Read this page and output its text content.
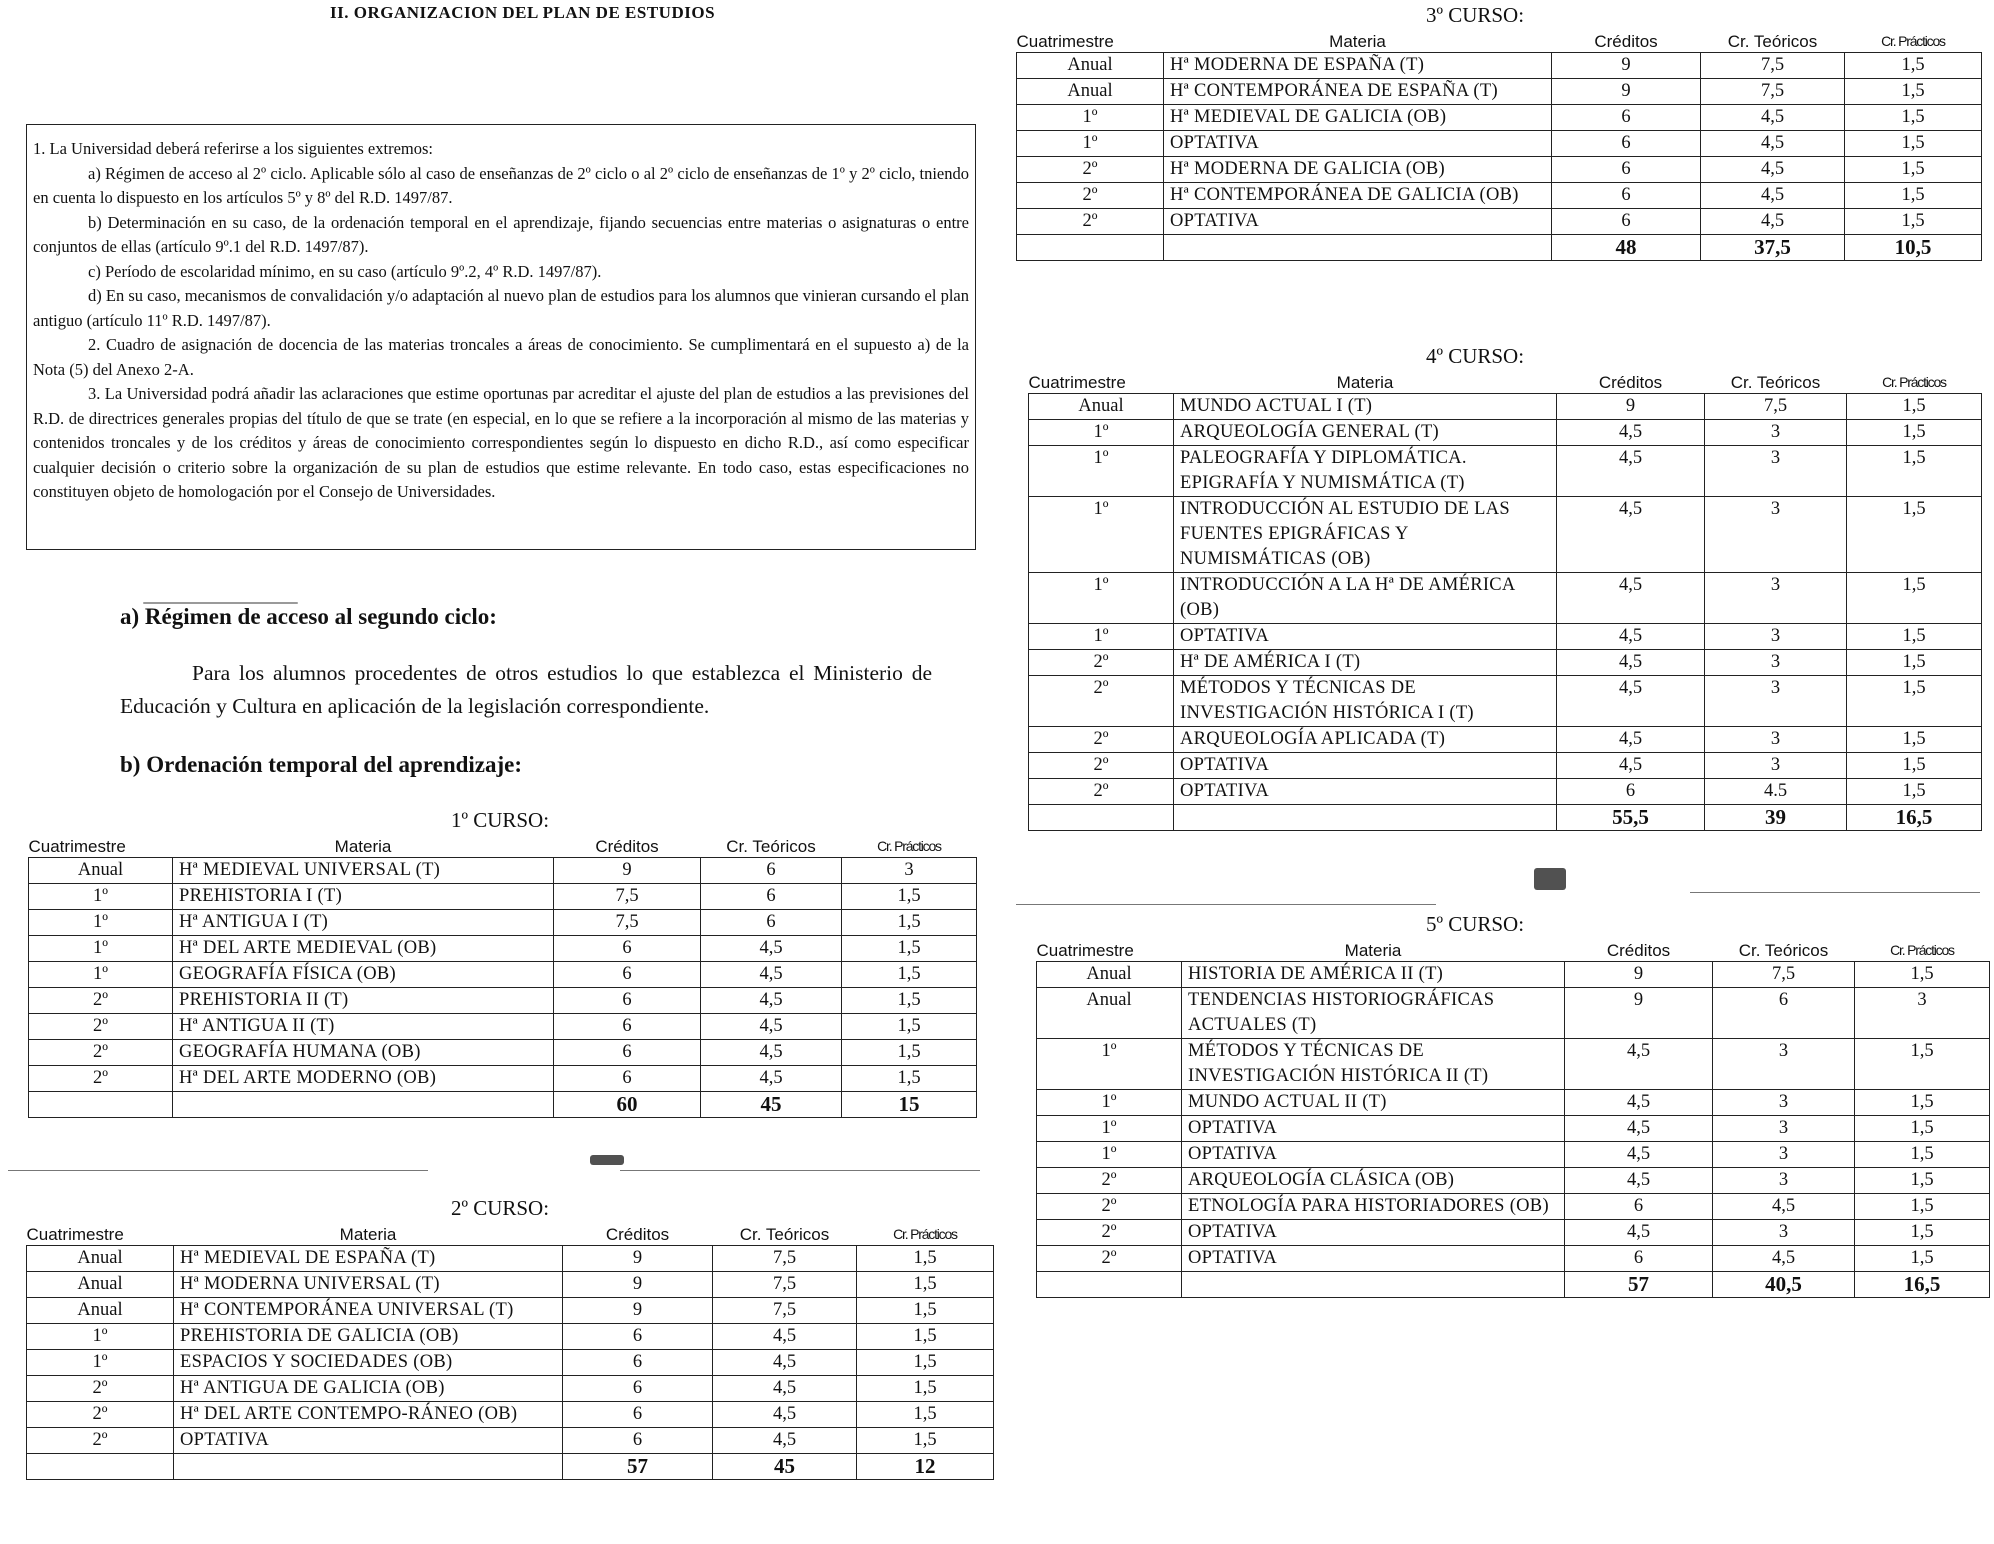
II. ORGANIZACION DEL PLAN DE ESTUDIOS

1. La Universidad deberá referirse a los siguientes extremos:

a) Régimen de acceso al 2º ciclo. Aplicable sólo al caso de enseñanzas de 2º ciclo o al 2º ciclo de enseñanzas de 1º y 2º ciclo, tniendo en cuenta lo dispuesto en los artículos 5º y 8º del R.D. 1497/87.

b) Determinación en su caso, de la ordenación temporal en el aprendizaje, fijando secuencias entre materias o asignaturas o entre conjuntos de ellas (artículo 9º.1 del R.D. 1497/87).

c) Período de escolaridad mínimo, en su caso (artículo 9º.2, 4º R.D. 1497/87).

d) En su caso, mecanismos de convalidación y/o adaptación al nuevo plan de estudios para los alumnos que vinieran cursando el plan antiguo (artículo 11º R.D. 1497/87).

2. Cuadro de asignación de docencia de las materias troncales a áreas de conocimiento. Se cumplimentará en el supuesto a) de la Nota (5) del Anexo 2-A.

3. La Universidad podrá añadir las aclaraciones que estime oportunas par acreditar el ajuste del plan de estudios a las previsiones del R.D. de directrices generales propias del título de que se trate (en especial, en lo que se refiere a la incorporación al mismo de las materias y contenidos troncales y de los créditos y áreas de conocimiento correspondientes según lo dispuesto en dicho R.D., así como especificar cualquier decisión o criterio sobre la organización de su plan de estudios que estime relevante. En todo caso, estas especificaciones no constituyen objeto de homologación por el Consejo de Universidades.

a) Régimen de acceso al segundo ciclo:
Para los alumnos procedentes de otros estudios lo que establezca el Ministerio de Educación y Cultura en aplicación de la legislación correspondiente.
b) Ordenación temporal del aprendizaje:
1º CURSO:
2º CURSO:
3º CURSO:
4º CURSO:
5º CURSO:
Cuatrimestre	Materia	Créditos	Cr. Teóricos	Cr. Prácticos
Anual	Hª MEDIEVAL UNIVERSAL (T)	9	6	3
1º	PREHISTORIA I (T)	7,5	6	1,5
1º	Hª ANTIGUA I (T)	7,5	6	1,5
1º	Hª DEL ARTE MEDIEVAL (OB)	6	4,5	1,5
1º	GEOGRAFÍA FÍSICA (OB)	6	4,5	1,5
2º	PREHISTORIA II (T)	6	4,5	1,5
2º	Hª ANTIGUA II (T)	6	4,5	1,5
2º	GEOGRAFÍA HUMANA (OB)	6	4,5	1,5
2º	Hª DEL ARTE MODERNO (OB)	6	4,5	1,5
		60	45	15
Cuatrimestre	Materia	Créditos	Cr. Teóricos	Cr. Prácticos
Anual	Hª MEDIEVAL DE ESPAÑA (T)	9	7,5	1,5
Anual	Hª MODERNA UNIVERSAL (T)	9	7,5	1,5
Anual	Hª CONTEMPORÁNEA UNIVERSAL (T)	9	7,5	1,5
1º	PREHISTORIA DE GALICIA (OB)	6	4,5	1,5
1º	ESPACIOS Y SOCIEDADES (OB)	6	4,5	1,5
2º	Hª ANTIGUA DE GALICIA (OB)	6	4,5	1,5
2º	Hª DEL ARTE CONTEMPO-RÁNEO (OB)	6	4,5	1,5
2º	OPTATIVA	6	4,5	1,5
		57	45	12
Cuatrimestre	Materia	Créditos	Cr. Teóricos	Cr. Prácticos
Anual	Hª MODERNA DE ESPAÑA (T)	9	7,5	1,5
Anual	Hª CONTEMPORÁNEA DE ESPAÑA (T)	9	7,5	1,5
1º	Hª MEDIEVAL DE GALICIA (OB)	6	4,5	1,5
1º	OPTATIVA	6	4,5	1,5
2º	Hª MODERNA DE GALICIA (OB)	6	4,5	1,5
2º	Hª CONTEMPORÁNEA DE GALICIA (OB)	6	4,5	1,5
2º	OPTATIVA	6	4,5	1,5
		48	37,5	10,5
Cuatrimestre	Materia	Créditos	Cr. Teóricos	Cr. Prácticos
Anual	MUNDO ACTUAL I (T)	9	7,5	1,5
1º	ARQUEOLOGÍA GENERAL (T)	4,5	3	1,5
1º	PALEOGRAFÍA Y DIPLOMÁTICA. EPIGRAFÍA Y NUMISMÁTICA (T)	4,5	3	1,5
1º	INTRODUCCIÓN AL ESTUDIO DE LAS FUENTES EPIGRÁFICAS Y NUMISMÁTICAS (OB)	4,5	3	1,5
1º	INTRODUCCIÓN A LA Hª DE AMÉRICA (OB)	4,5	3	1,5
1º	OPTATIVA	4,5	3	1,5
2º	Hª DE AMÉRICA I (T)	4,5	3	1,5
2º	MÉTODOS Y TÉCNICAS DE INVESTIGACIÓN HISTÓRICA I (T)	4,5	3	1,5
2º	ARQUEOLOGÍA APLICADA (T)	4,5	3	1,5
2º	OPTATIVA	4,5	3	1,5
2º	OPTATIVA	6	4.5	1,5
		55,5	39	16,5
Cuatrimestre	Materia	Créditos	Cr. Teóricos	Cr. Prácticos
Anual	HISTORIA DE AMÉRICA II (T)	9	7,5	1,5
Anual	TENDENCIAS HISTORIOGRÁFICAS ACTUALES (T)	9	6	3
1º	MÉTODOS Y TÉCNICAS DE INVESTIGACIÓN HISTÓRICA II (T)	4,5	3	1,5
1º	MUNDO ACTUAL II (T)	4,5	3	1,5
1º	OPTATIVA	4,5	3	1,5
1º	OPTATIVA	4,5	3	1,5
2º	ARQUEOLOGÍA CLÁSICA (OB)	4,5	3	1,5
2º	ETNOLOGÍA PARA HISTORIADORES (OB)	6	4,5	1,5
2º	OPTATIVA	4,5	3	1,5
2º	OPTATIVA	6	4,5	1,5
		57	40,5	16,5
